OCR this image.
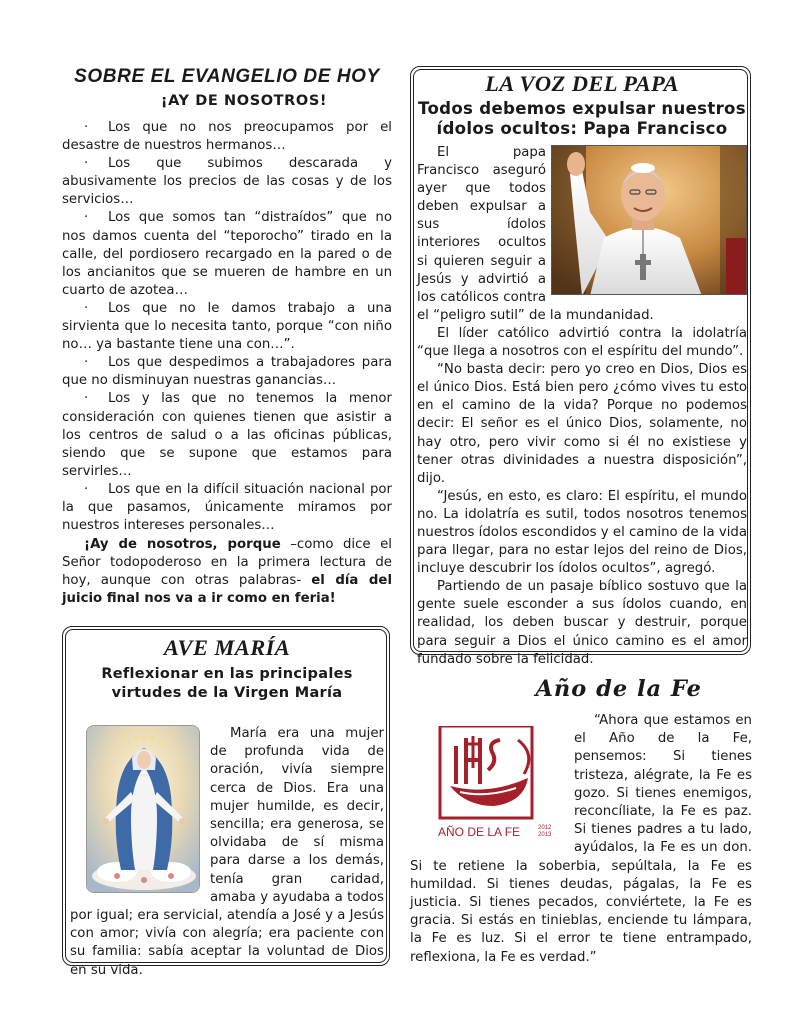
SOBRE EL EVANGELIO DE HOY
¡AY DE NOSOTROS!

· Los que no nos preocupamos por el desastre de nuestros hermanos…

· Los que subimos descarada y abusivamente los precios de las cosas y de los servicios…

· Los que somos tan “distraídos” que no nos damos cuenta del “teporocho” tirado en la calle, del pordiosero recargado en la pared o de los ancianitos que se mueren de hambre en un cuarto de azotea…

· Los que no le damos trabajo a una sirvienta que lo necesita tanto, porque “con niño no… ya bastante tiene una con…”.

· Los que despedimos a trabajadores para que no disminuyan nuestras ganancias…

· Los y las que no tenemos la menor consideración con quienes tienen que asistir a los centros de salud o a las oficinas públicas, siendo que se supone que estamos para servirles…

· Los que en la difícil situación nacional por la que pasamos, únicamente miramos por nuestros intereses personales…

¡Ay de nosotros, porque –como dice el Señor todopoderoso en la primera lectura de hoy, aunque con otras palabras- el día del juicio final nos va a ir como en feria!

LA VOZ DEL PAPA
Todos debemos expulsar nuestros ídolos ocultos: Papa Francisco

El papa Francisco aseguró ayer que todos deben expulsar a sus ídolos interiores ocultos si quieren seguir a Jesús y advirtió a los católicos contra el “peligro sutil” de la mundanidad.

El líder católico advirtió contra la idolatría “que llega a nosotros con el espíritu del mundo”.

“No basta decir: pero yo creo en Dios, Dios es el único Dios. Está bien pero ¿cómo vives tu esto en el camino de la vida? Porque no podemos decir: El señor es el único Dios, solamente, no hay otro, pero vivir como si él no existiese y tener otras divinidades a nuestra disposición”, dijo.

“Jesús, en esto, es claro: El espíritu, el mundo no. La idolatría es sutil, todos nosotros tenemos nuestros ídolos escondidos y el camino de la vida para llegar, para no estar lejos del reino de Dios, incluye descubrir los ídolos ocultos”, agregó.

Partiendo de un pasaje bíblico sostuvo que la gente suele esconder a sus ídolos cuando, en realidad, los deben buscar y destruir, porque para seguir a Dios el único camino es el amor fundado sobre la felicidad.

AVE MARÍA
Reflexionar en las principales virtudes de la Virgen María

María era una mujer de profunda vida de oración, vivía siempre cerca de Dios. Era una mujer humilde, es decir, sencilla; era generosa, se olvidaba de sí misma para darse a los demás, tenía gran caridad, amaba y ayudaba a todos por igual; era servicial, atendía a José y a Jesús con amor; vivía con alegría; era paciente con su familia: sabía aceptar la voluntad de Dios en su vida.

Año de la Fe
AÑO DE LA FE	2012
2013

“Ahora que estamos en el Año de la Fe, pensemos: Si tienes tristeza, alégrate, la Fe es gozo. Si tienes enemigos, reconcíliate, la Fe es paz. Si tienes padres a tu lado, ayúdalos, la Fe es un don. Si te retiene la soberbia, sepúltala, la Fe es humildad. Si tienes deudas, págalas, la Fe es justicia. Si tienes pecados, conviértete, la Fe es gracia. Si estás en tinieblas, enciende tu lámpara, la Fe es luz. Si el error te tiene entrampado, reflexiona, la Fe es verdad.”
